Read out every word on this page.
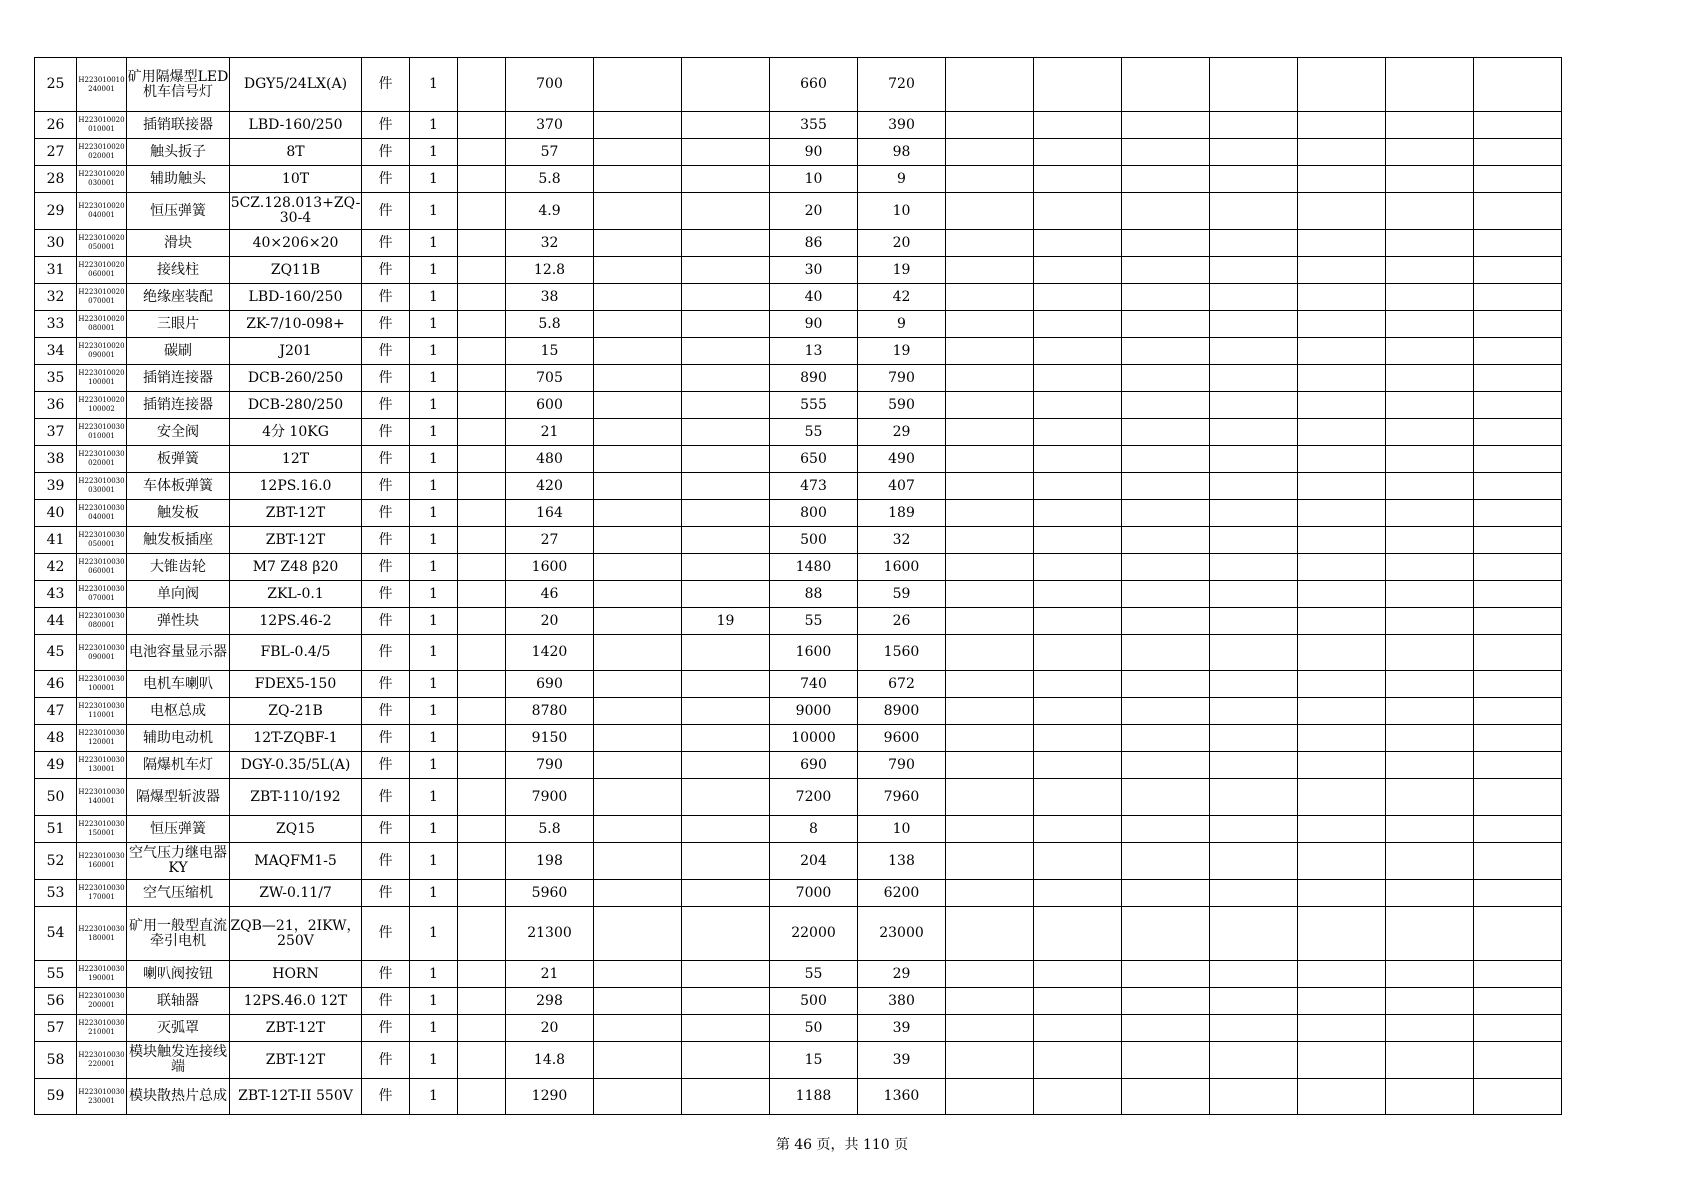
25	H223010010240001	矿用隔爆型LED机车信号灯	DGY5/24LX(A)	件	1		700			660	720							
26	H223010020010001	插销联接器	LBD-160/250	件	1		370			355	390							
27	H223010020020001	触头扳子	8T	件	1		57			90	98							
28	H223010020030001	辅助触头	10T	件	1		5.8			10	9							
29	H223010020040001	恒压弹簧	5CZ.128.013+ZQ-30-4	件	1		4.9			20	10							
30	H223010020050001	滑块	40×206×20	件	1		32			86	20							
31	H223010020060001	接线柱	ZQ11B	件	1		12.8			30	19							
32	H223010020070001	绝缘座装配	LBD-160/250	件	1		38			40	42							
33	H223010020080001	三眼片	ZK-7/10-098+	件	1		5.8			90	9							
34	H223010020090001	碳刷	J201	件	1		15			13	19							
35	H223010020100001	插销连接器	DCB-260/250	件	1		705			890	790							
36	H223010020100002	插销连接器	DCB-280/250	件	1		600			555	590							
37	H223010030010001	安全阀	4分 10KG	件	1		21			55	29							
38	H223010030020001	板弹簧	12T	件	1		480			650	490							
39	H223010030030001	车体板弹簧	12PS.16.0	件	1		420			473	407							
40	H223010030040001	触发板	ZBT-12T	件	1		164			800	189							
41	H223010030050001	触发板插座	ZBT-12T	件	1		27			500	32							
42	H223010030060001	大锥齿轮	M7 Z48 β20	件	1		1600			1480	1600							
43	H223010030070001	单向阀	ZKL-0.1	件	1		46			88	59							
44	H223010030080001	弹性块	12PS.46-2	件	1		20		19	55	26							
45	H223010030090001	电池容量显示器	FBL-0.4/5	件	1		1420			1600	1560							
46	H223010030100001	电机车喇叭	FDEX5-150	件	1		690			740	672							
47	H223010030110001	电枢总成	ZQ-21B	件	1		8780			9000	8900							
48	H223010030120001	辅助电动机	12T-ZQBF-1	件	1		9150			10000	9600							
49	H223010030130001	隔爆机车灯	DGY-0.35/5L(A)	件	1		790			690	790							
50	H223010030140001	隔爆型斩波器	ZBT-110/192	件	1		7900			7200	7960							
51	H223010030150001	恒压弹簧	ZQ15	件	1		5.8			8	10							
52	H223010030160001	空气压力继电器KY	MAQFM1-5	件	1		198			204	138							
53	H223010030170001	空气压缩机	ZW-0.11/7	件	1		5960			7000	6200							
54	H223010030180001	矿用一般型直流牵引电机	ZQB—21，2IKW，250V	件	1		21300			22000	23000							
55	H223010030190001	喇叭阀按钮	HORN	件	1		21			55	29							
56	H223010030200001	联轴器	12PS.46.0 12T	件	1		298			500	380							
57	H223010030210001	灭弧罩	ZBT-12T	件	1		20			50	39							
58	H223010030220001	模块触发连接线端	ZBT-12T	件	1		14.8			15	39							
59	H223010030230001	模块散热片总成	ZBT-12T-II 550V	件	1		1290			1188	1360							
第 46 页，共 110 页
